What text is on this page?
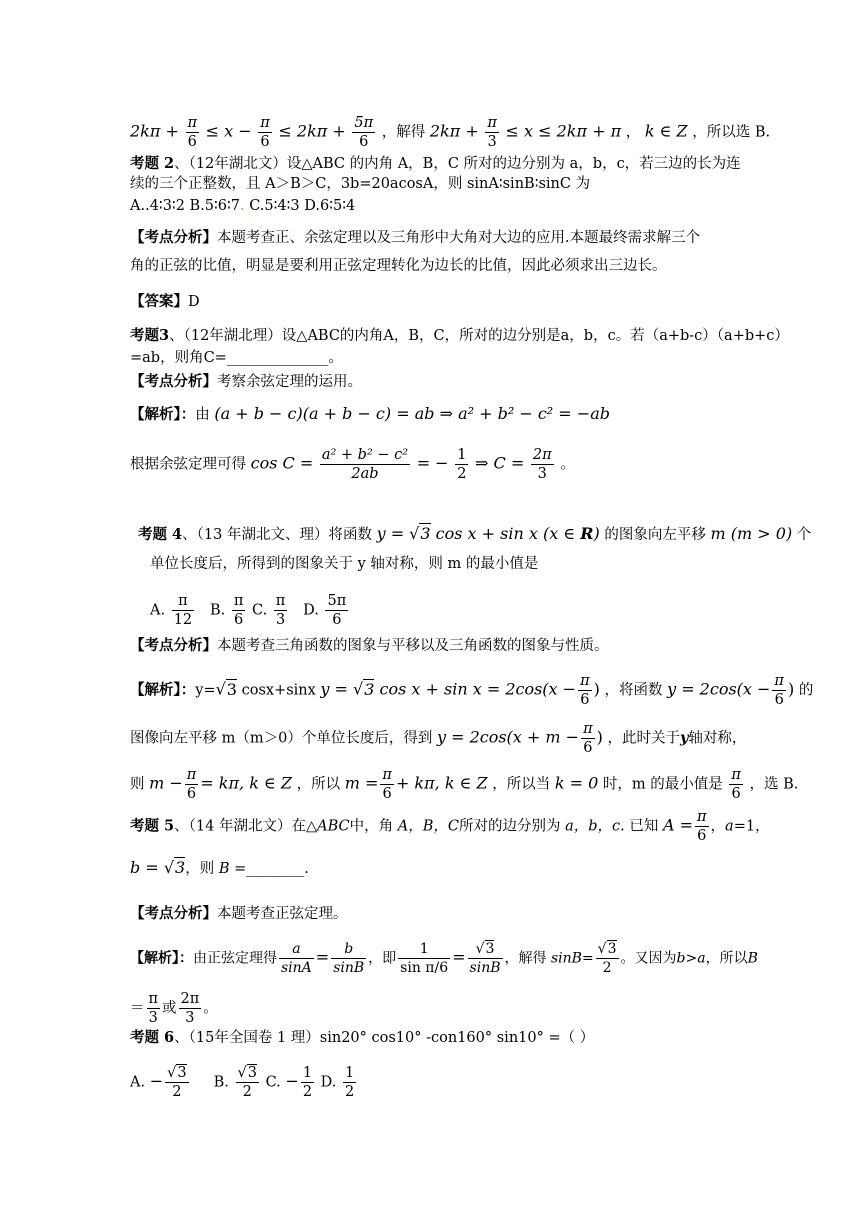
$2k\pi + \frac{\pi}{6} \le x - \frac{\pi}{6} \le 2k\pi + \frac{5\pi}{6}$ ，解得 $2k\pi + \frac{\pi}{3} \le x \le 2k\pi + \pi$ ， k ∈ Z ，所以选 B.
考题 2、（12年湖北文）设△ABC 的内角 A，B，C 所对的边分别为 a，b，c，若三边的长为连
续的三个正整数，且 A＞B＞C，3b=20acosA，则 sinA∶sinB∶sinC 为
A..4∶3∶2 B.5∶6∶7. C.5∶4∶3 D.6∶5∶4
【考点分析】本题考查正、余弦定理以及三角形中大角对大边的应用.本题最终需求解三个
角的正弦的比值，明显是要利用正弦定理转化为边长的比值，因此必须求出三边长。
【答案】D
考题3、（12年湖北理）设△ABC的内角A，B，C，所对的边分别是a，b，c。若（a+b-c）（a+b+c）
=ab，则角C=______________。
【考点分析】考察余弦定理的运用。
【解析】：由 (a + b − c)(a + b − c) = ab ⇒ a² + b² − c² = −ab
根据余弦定理可得 $\cos C = \frac{\text{a² + b² − c²}}{2ab}$ = − $\frac{1}{2}$ ⇒ $C = \frac{2\pi}{3}$ 。
考题 4、（13 年湖北文、理）将函数 y = √3 cos x + sin x (x ∈ R) 的图象向左平移 m (m > 0) 个
单位长度后，所得到的图象关于 y 轴对称，则 m 的最小值是
A. $\frac{\pi}{12} B$. $\frac{\pi}{6} C$. $\frac{\pi}{3} D$. $\frac{5\pi}{6}$
【考点分析】本题考查三角函数的图象与平移以及三角函数的图象与性质。
【解析】：y=√3 cosx+sinx y = √3 $\cos x + \sin x = 2\cos(x - \frac{\pi}{6}$ ) ，将函数 $y = 2\cos(x - \frac{\pi}{6}$ ) 的
图像向左平移 m（m＞0）个单位长度后，得到 $y = 2\cos(x + m - \frac{\pi}{6}$ ) ，此时关于y轴对称，
则 $m - \frac{\pi}{6} = k\pi$, k ∈ Z ，所以 $m = \frac{\pi}{6} + k\pi$, k ∈ Z ，所以当 k = 0 时，m 的最小值是 $\frac{\pi}{6}$ ，选 B.
考题 5、（14 年湖北文）在△ABC中，角 A，B，C所对的边分别为 a，b，c. 已知 $A = \frac{\pi}{6}$ ，a=1，
b = √3，则 B =________.
【考点分析】本题考查正弦定理。
【解析】：由正弦定理得 $\frac{a}{\sin A} = \frac{b}{\sin B}$ ，即 $\frac{1}{\text{sin π/6}} = \frac{√3}{\sin B}$ ，解得 $\sin B= \frac{√3}{2}$ 。又因为b>a，所以B
＝ $\frac{\pi}{3}$ 或 $\frac{2\pi}{3}$ 。
考题 6、（15年全国卷 1 理）sin20° cos10° -con160° sin10° =（ ）
A. − $\frac{√3}{2} B$. $\frac{√3}{2} C$. − $\frac{1}{2} D$. $\frac{1}{2}$
